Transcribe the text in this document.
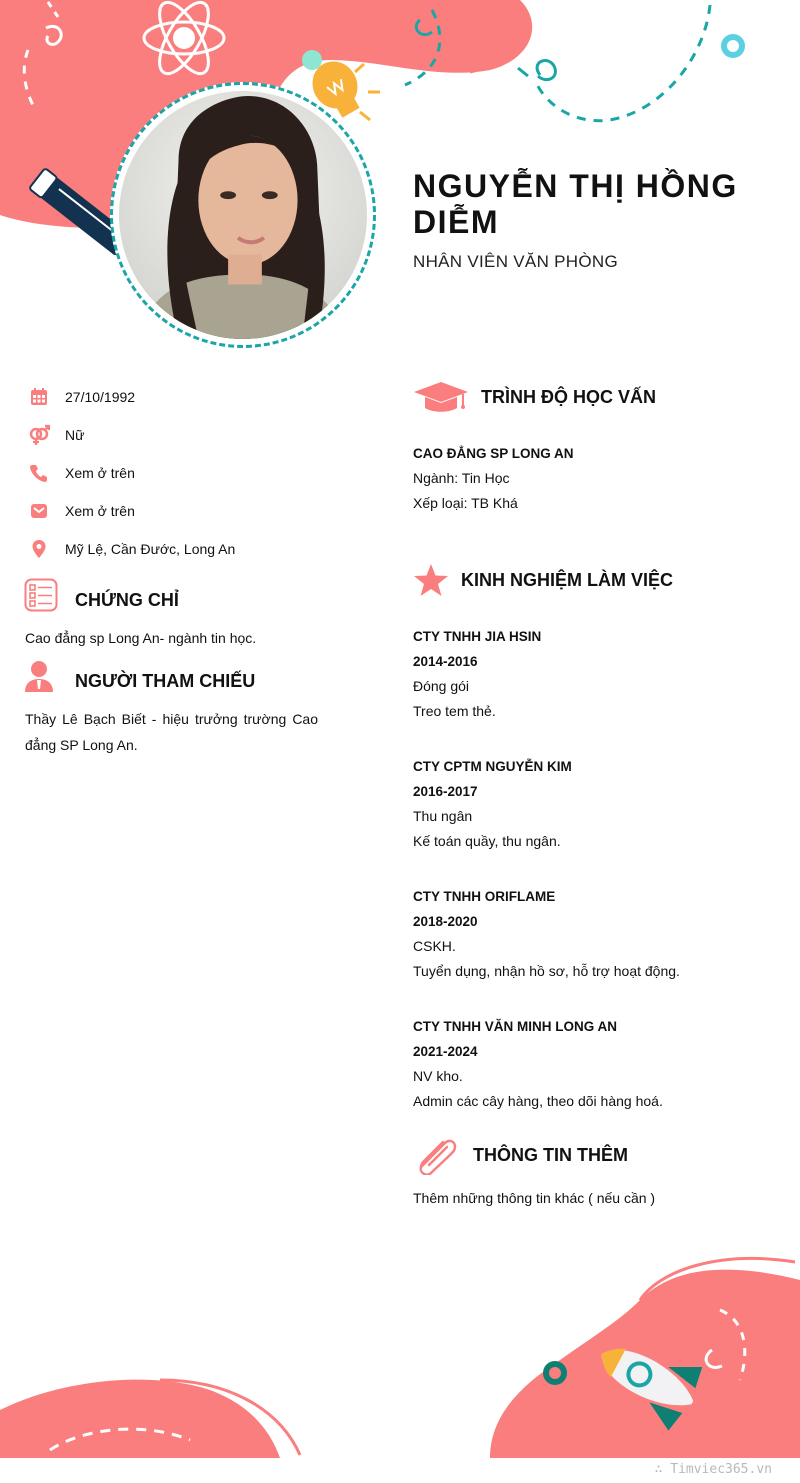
NGUYỄN THỊ HỒNG DIỄM
NHÂN VIÊN VĂN PHÒNG
27/10/1992
Nữ
Xem ở trên
Xem ở trên
Mỹ Lệ, Cần Đước, Long An
CHỨNG CHỈ
Cao đẳng sp Long An- ngành tin học.
NGƯỜI THAM CHIẾU
Thầy Lê Bạch Biết - hiệu trưởng trường Cao đẳng SP Long An.
TRÌNH ĐỘ HỌC VẤN
CAO ĐẲNG SP LONG AN
Ngành: Tin Học
Xếp loại: TB Khá
KINH NGHIỆM LÀM VIỆC
CTY TNHH JIA HSIN
2014-2016
Đóng gói
Treo tem thẻ.
CTY CPTM NGUYỄN KIM
2016-2017
Thu ngân
Kế toán quầy, thu ngân.
CTY TNHH ORIFLAME
2018-2020
CSKH.
Tuyển dụng, nhận hồ sơ, hỗ trợ hoạt động.
CTY TNHH VĂN MINH LONG AN
2021-2024
NV kho.
Admin các cây hàng, theo dõi hàng hoá.
THÔNG TIN THÊM
Thêm những thông tin khác ( nếu cần )
∴ Timviec365.vn
